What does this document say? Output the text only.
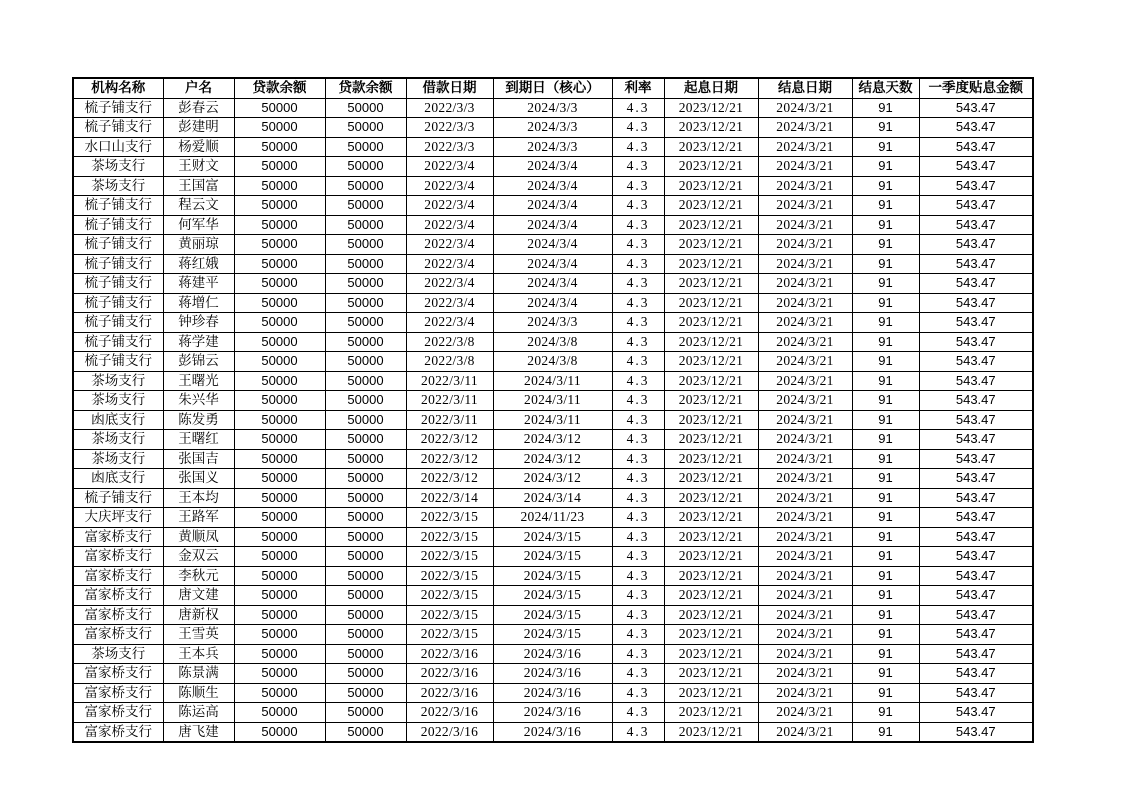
机构名称	户名	贷款余额	贷款余额	借款日期	到期日（核心）	利率	起息日期	结息日期	结息天数	一季度贴息金额
梳子铺支行	彭春云	50000	50000	2022/3/3	2024/3/3	4.3	2023/12/21	2024/3/21	91	543.47
梳子铺支行	彭建明	50000	50000	2022/3/3	2024/3/3	4.3	2023/12/21	2024/3/21	91	543.47
水口山支行	杨爱顺	50000	50000	2022/3/3	2024/3/3	4.3	2023/12/21	2024/3/21	91	543.47
茶场支行	王财文	50000	50000	2022/3/4	2024/3/4	4.3	2023/12/21	2024/3/21	91	543.47
茶场支行	王国富	50000	50000	2022/3/4	2024/3/4	4.3	2023/12/21	2024/3/21	91	543.47
梳子铺支行	程云文	50000	50000	2022/3/4	2024/3/4	4.3	2023/12/21	2024/3/21	91	543.47
梳子铺支行	何军华	50000	50000	2022/3/4	2024/3/4	4.3	2023/12/21	2024/3/21	91	543.47
梳子铺支行	黄丽琼	50000	50000	2022/3/4	2024/3/4	4.3	2023/12/21	2024/3/21	91	543.47
梳子铺支行	蒋红娥	50000	50000	2022/3/4	2024/3/4	4.3	2023/12/21	2024/3/21	91	543.47
梳子铺支行	蒋建平	50000	50000	2022/3/4	2024/3/4	4.3	2023/12/21	2024/3/21	91	543.47
梳子铺支行	蒋增仁	50000	50000	2022/3/4	2024/3/4	4.3	2023/12/21	2024/3/21	91	543.47
梳子铺支行	钟珍春	50000	50000	2022/3/4	2024/3/3	4.3	2023/12/21	2024/3/21	91	543.47
梳子铺支行	蒋学建	50000	50000	2022/3/8	2024/3/8	4.3	2023/12/21	2024/3/21	91	543.47
梳子铺支行	彭锦云	50000	50000	2022/3/8	2024/3/8	4.3	2023/12/21	2024/3/21	91	543.47
茶场支行	王曙光	50000	50000	2022/3/11	2024/3/11	4.3	2023/12/21	2024/3/21	91	543.47
茶场支行	朱兴华	50000	50000	2022/3/11	2024/3/11	4.3	2023/12/21	2024/3/21	91	543.47
凼底支行	陈发勇	50000	50000	2022/3/11	2024/3/11	4.3	2023/12/21	2024/3/21	91	543.47
茶场支行	王曙红	50000	50000	2022/3/12	2024/3/12	4.3	2023/12/21	2024/3/21	91	543.47
茶场支行	张国吉	50000	50000	2022/3/12	2024/3/12	4.3	2023/12/21	2024/3/21	91	543.47
凼底支行	张国义	50000	50000	2022/3/12	2024/3/12	4.3	2023/12/21	2024/3/21	91	543.47
梳子铺支行	王本均	50000	50000	2022/3/14	2024/3/14	4.3	2023/12/21	2024/3/21	91	543.47
大庆坪支行	王路军	50000	50000	2022/3/15	2024/11/23	4.3	2023/12/21	2024/3/21	91	543.47
富家桥支行	黄顺凤	50000	50000	2022/3/15	2024/3/15	4.3	2023/12/21	2024/3/21	91	543.47
富家桥支行	金双云	50000	50000	2022/3/15	2024/3/15	4.3	2023/12/21	2024/3/21	91	543.47
富家桥支行	李秋元	50000	50000	2022/3/15	2024/3/15	4.3	2023/12/21	2024/3/21	91	543.47
富家桥支行	唐文建	50000	50000	2022/3/15	2024/3/15	4.3	2023/12/21	2024/3/21	91	543.47
富家桥支行	唐新权	50000	50000	2022/3/15	2024/3/15	4.3	2023/12/21	2024/3/21	91	543.47
富家桥支行	王雪英	50000	50000	2022/3/15	2024/3/15	4.3	2023/12/21	2024/3/21	91	543.47
茶场支行	王本兵	50000	50000	2022/3/16	2024/3/16	4.3	2023/12/21	2024/3/21	91	543.47
富家桥支行	陈景满	50000	50000	2022/3/16	2024/3/16	4.3	2023/12/21	2024/3/21	91	543.47
富家桥支行	陈顺生	50000	50000	2022/3/16	2024/3/16	4.3	2023/12/21	2024/3/21	91	543.47
富家桥支行	陈运高	50000	50000	2022/3/16	2024/3/16	4.3	2023/12/21	2024/3/21	91	543.47
富家桥支行	唐飞建	50000	50000	2022/3/16	2024/3/16	4.3	2023/12/21	2024/3/21	91	543.47
